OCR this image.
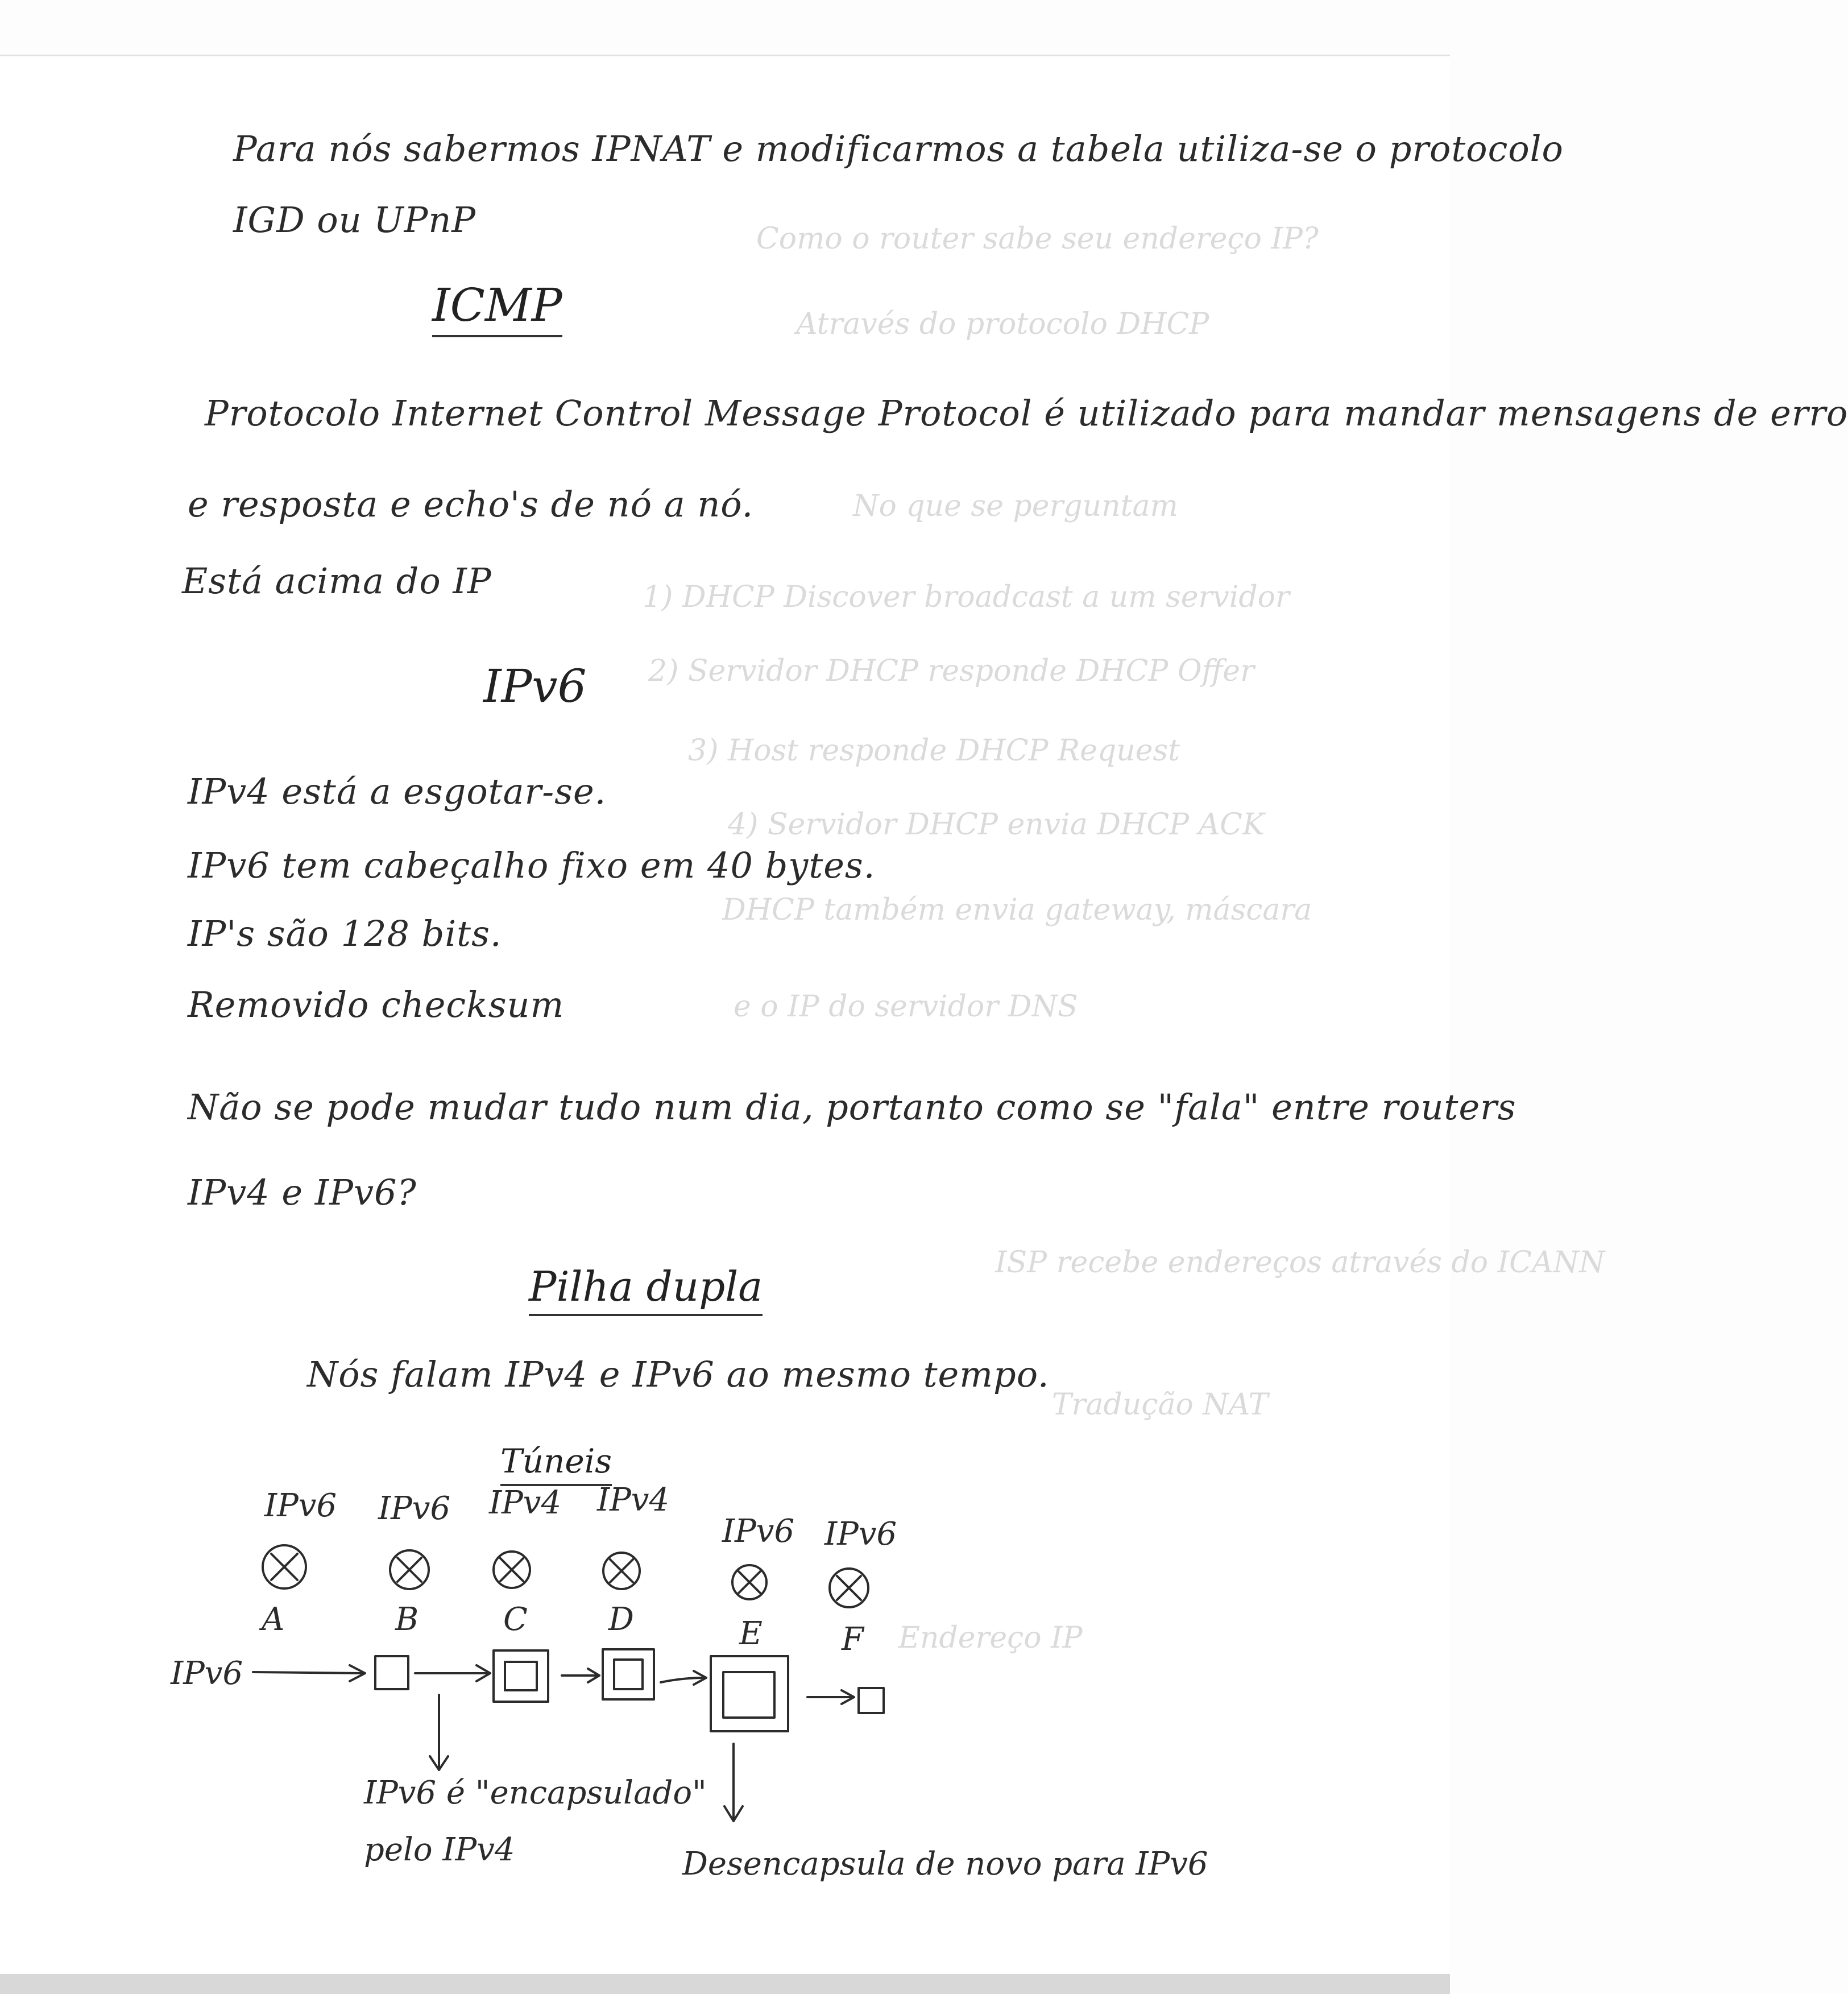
Como o router sabe seu endereço IP?
Através do protocolo DHCP
No que se perguntam
1) DHCP Discover broadcast a um servidor
2) Servidor DHCP responde DHCP Offer
3) Host responde DHCP Request
4) Servidor DHCP envia DHCP ACK
DHCP também envia gateway, máscara
e o IP do servidor DNS
ISP recebe endereços através do ICANN
Tradução NAT
Endereço IP
Para nós sabermos IPNAT e modificarmos a tabela utiliza-se o protocolo
IGD ou UPnP
ICMP
Protocolo Internet Control Message Protocol é utilizado para mandar mensagens de erro
e resposta e echo's de nó a nó.
Está acima do IP
IPv6
IPv4 está a esgotar-se.
IPv6 tem cabeçalho fixo em 40 bytes.
IP's são 128 bits.
Removido checksum
Não se pode mudar tudo num dia, portanto como se "fala" entre routers
IPv4 e IPv6?
Pilha dupla
Nós falam IPv4 e IPv6 ao mesmo tempo.
Túneis
IPv6 IPv6 IPv4 IPv4
IPv6 IPv6
A	B	C	D	E F
IPv6
IPv6 é "encapsulado"
pelo IPv4	Desencapsula de novo para IPv6
